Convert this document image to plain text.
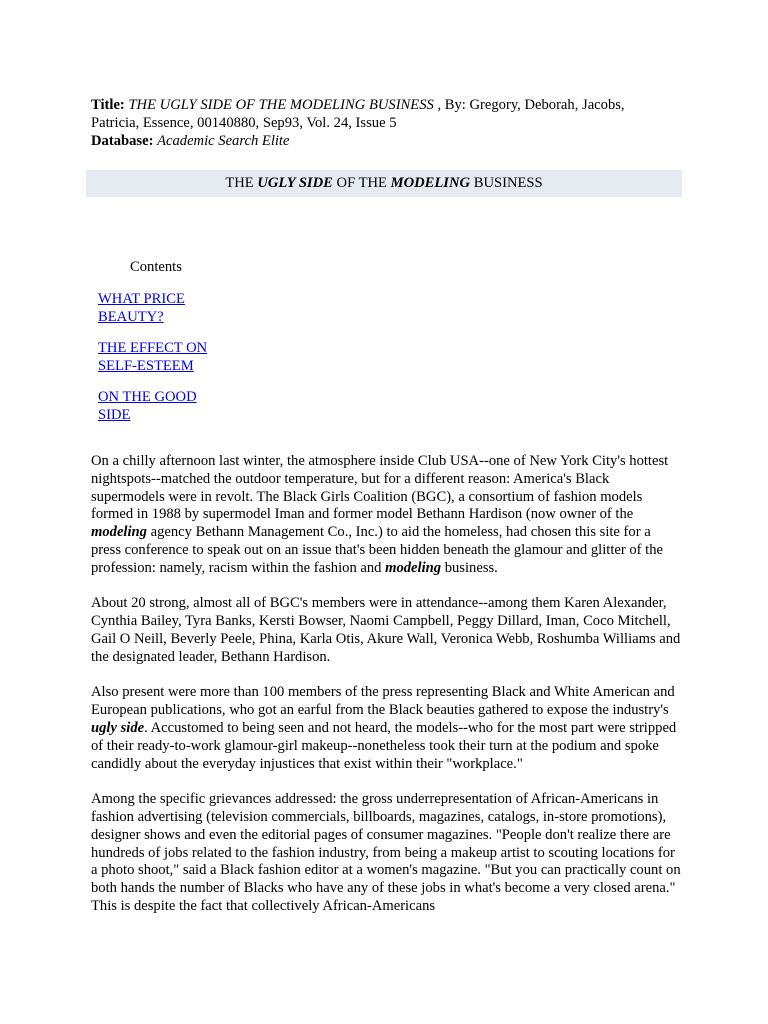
Title: THE UGLY SIDE OF THE MODELING BUSINESS , By: Gregory, Deborah, Jacobs,
Patricia, Essence, 00140880, Sep93, Vol. 24, Issue 5
Database: Academic Search Elite
THE UGLY SIDE OF THE MODELING BUSINESS
Contents
WHAT PRICE
BEAUTY?
THE EFFECT ON
SELF-ESTEEM
ON THE GOOD
SIDE

On a chilly afternoon last winter, the atmosphere inside Club USA--one of New York City's hottest nightspots--matched the outdoor temperature, but for a different reason: America's Black supermodels were in revolt. The Black Girls Coalition (BGC), a consortium of fashion models formed in 1988 by supermodel Iman and former model Bethann Hardison (now owner of the modeling agency Bethann Management Co., Inc.) to aid the homeless, had chosen this site for a press conference to speak out on an issue that's been hidden beneath the glamour and glitter of the profession: namely, racism within the fashion and modeling business.

About 20 strong, almost all of BGC's members were in attendance--among them Karen Alexander, Cynthia Bailey, Tyra Banks, Kersti Bowser, Naomi Campbell, Peggy Dillard, Iman, Coco Mitchell, Gail O Neill, Beverly Peele, Phina, Karla Otis, Akure Wall, Veronica Webb, Roshumba Williams and the designated leader, Bethann Hardison.

Also present were more than 100 members of the press representing Black and White American and European publications, who got an earful from the Black beauties gathered to expose the industry's ugly side. Accustomed to being seen and not heard, the models--who for the most part were stripped of their ready-to-work glamour-girl makeup--nonetheless took their turn at the podium and spoke candidly about the everyday injustices that exist within their "workplace."

Among the specific grievances addressed: the gross underrepresentation of African-Americans in fashion advertising (television commercials, billboards, magazines, catalogs, in-store promotions), designer shows and even the editorial pages of consumer magazines. "People don't realize there are hundreds of jobs related to the fashion industry, from being a makeup artist to scouting locations for a photo shoot," said a Black fashion editor at a women's magazine. "But you can practically count on both hands the number of Blacks who have any of these jobs in what's become a very closed arena." This is despite the fact that collectively African-Americans
